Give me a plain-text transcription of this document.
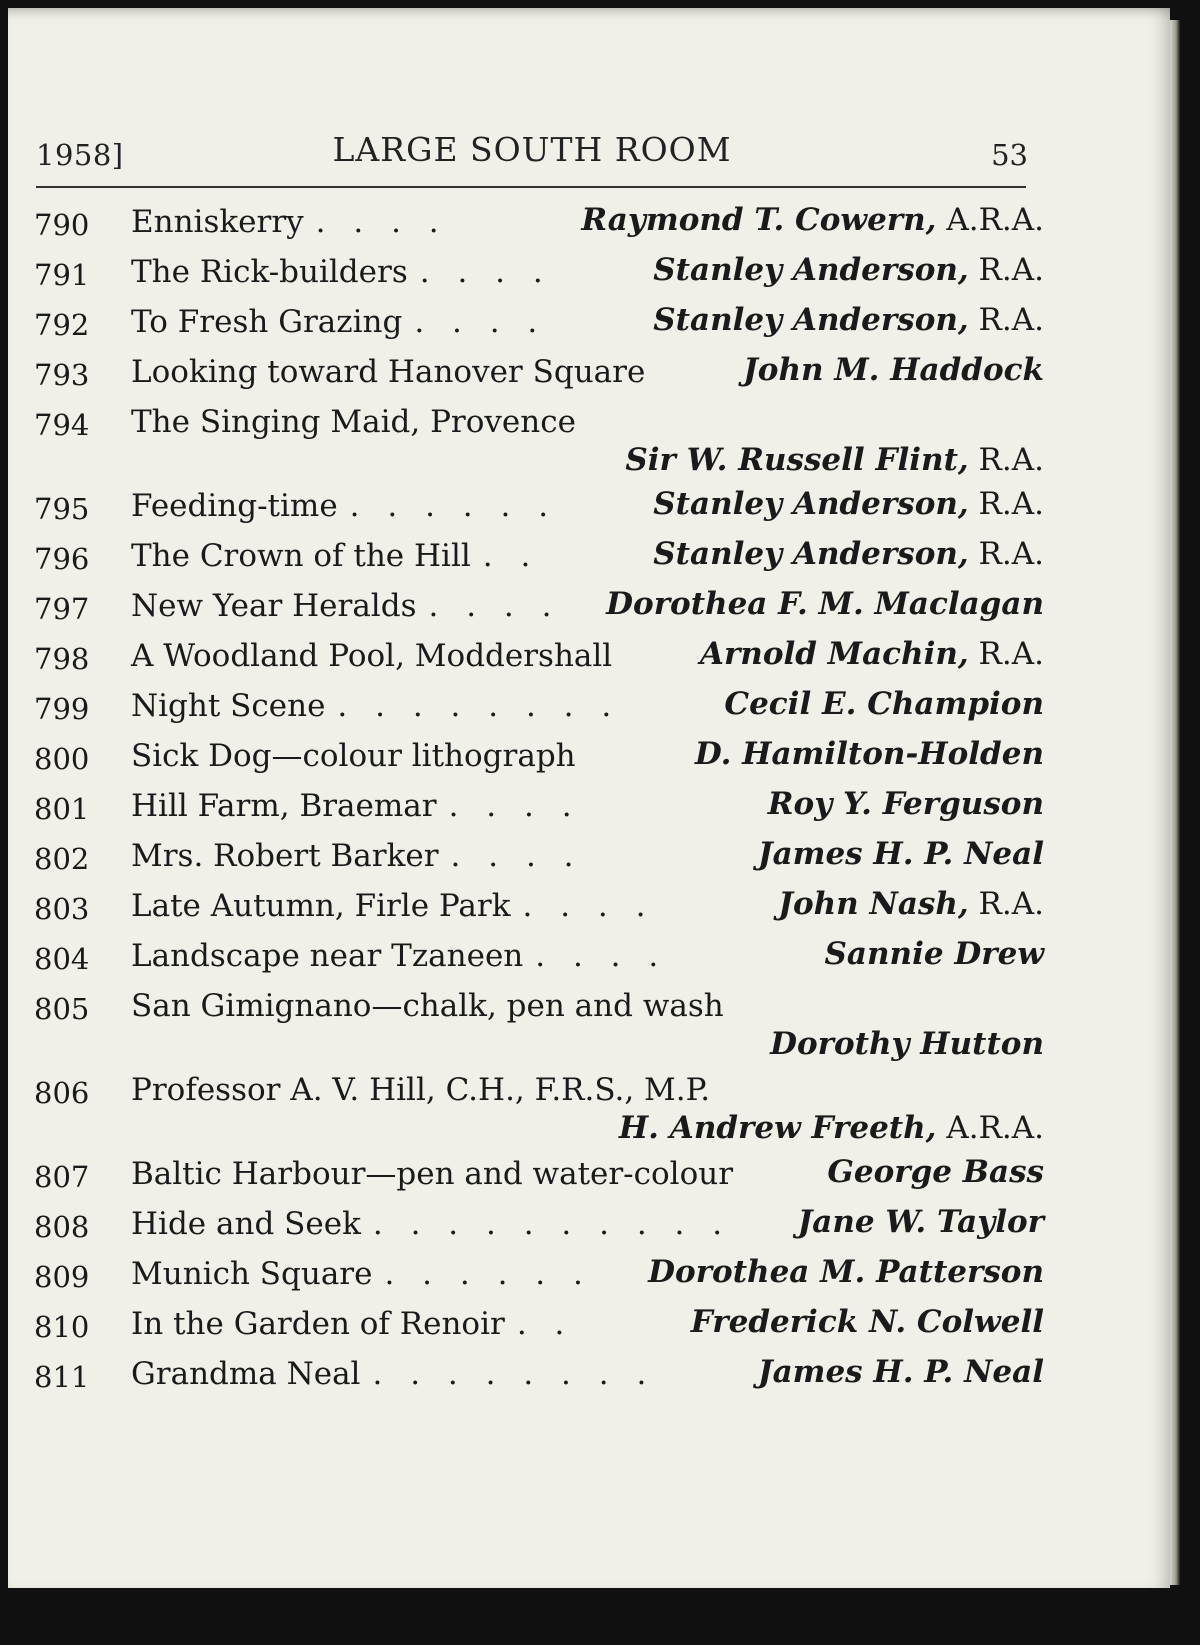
1958]	LARGE SOUTH ROOM	53
790	Enniskerry . . . .	Raymond T. Cowern, A.R.A.
791	The Rick-builders . . . .	Stanley Anderson, R.A.
792	To Fresh Grazing . . . .	Stanley Anderson, R.A.
793	Looking toward Hanover Square	John M. Haddock
794	The Singing Maid, Provence
Sir W. Russell Flint, R.A.
795	Feeding-time . . . . . .	Stanley Anderson, R.A.
796	The Crown of the Hill . .	Stanley Anderson, R.A.
797	New Year Heralds . . . . Dorothea F. M. Maclagan
798	A Woodland Pool, Moddershall	Arnold Machin, R.A.
799	Night Scene . . . . . . . .	Cecil E. Champion
800	Sick Dog—colour lithograph	D. Hamilton-Holden
801	Hill Farm, Braemar . . . .	Roy Y. Ferguson
802	Mrs. Robert Barker . . . .	James H. P. Neal
803	Late Autumn, Firle Park . . . .	John Nash, R.A.
804	Landscape near Tzaneen . . . .	Sannie Drew
805	San Gimignano—chalk, pen and wash
Dorothy Hutton
806	Professor A. V. Hill, C.H., F.R.S., M.P.
H. Andrew Freeth, A.R.A.
807	Baltic Harbour—pen and water-colour	George Bass
808	Hide and Seek . . . . . . . . . . Jane W. Taylor
809	Munich Square . . . . . . Dorothea M. Patterson
810	In the Garden of Renoir . .	Frederick N. Colwell
811	Grandma Neal . . . . . . . .	James H. P. Neal
